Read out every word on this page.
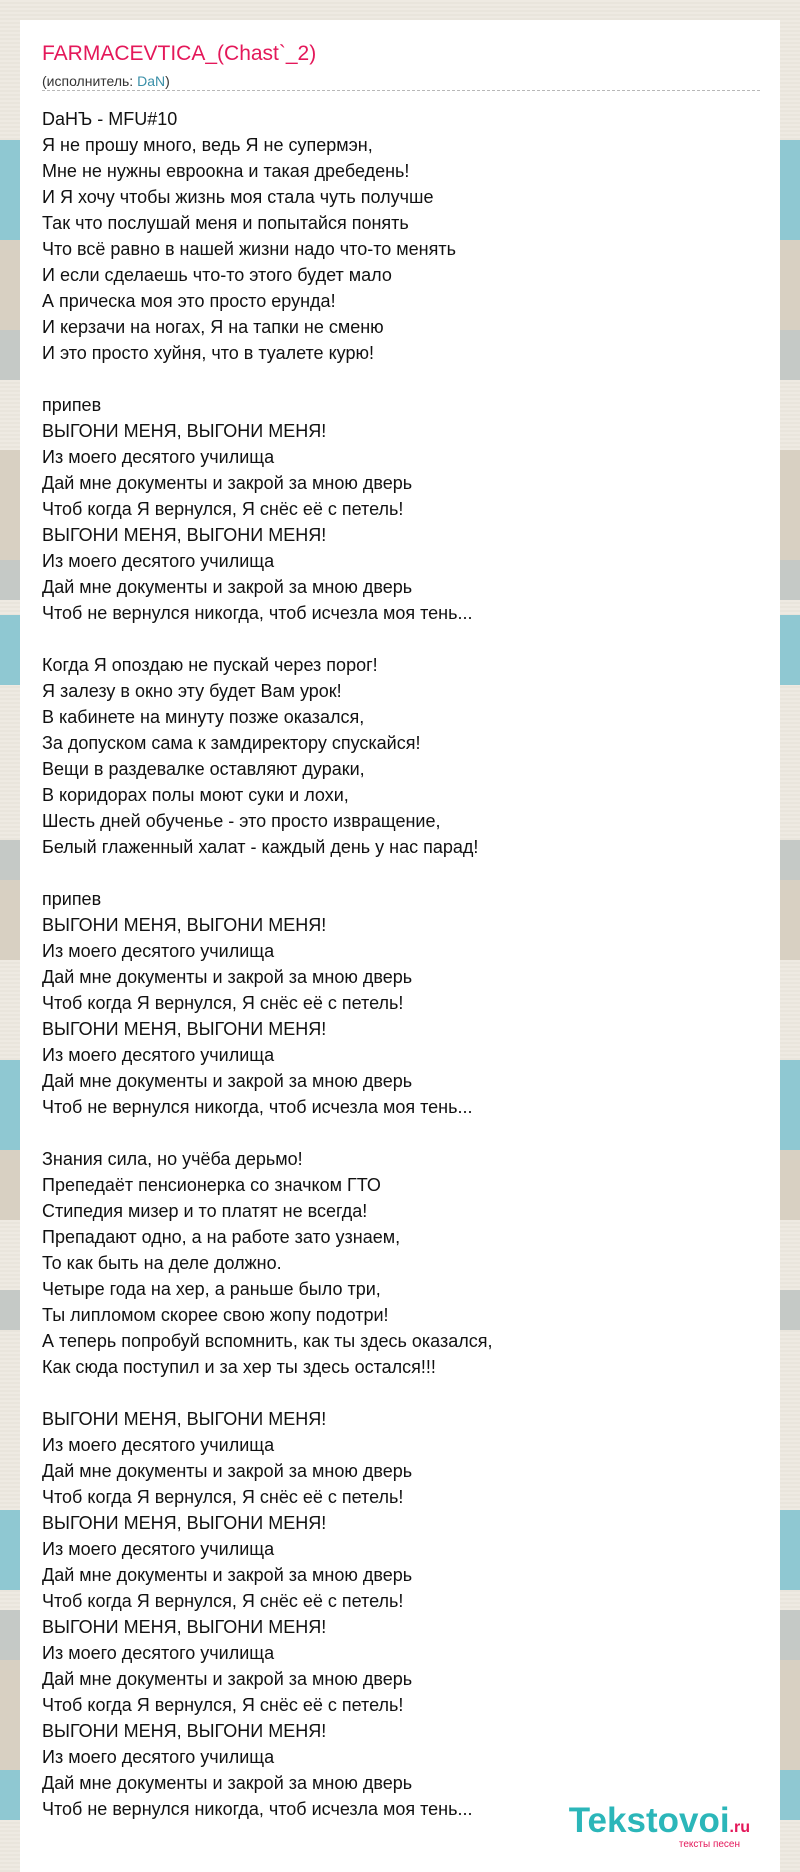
FARMACEVTICA_(Chast`_2)
(исполнитель: DaN)
DaНЪ - MFU#10
Я не прошу много, ведь Я не супермэн,
Мне не нужны евроокна и такая дребедень!
И Я хочу чтобы жизнь моя стала чуть получше
Так что послушай меня и попытайся понять
Что всё равно в нашей жизни надо что-то менять
И если сделаешь что-то этого будет мало
А прическа моя это просто ерунда!
И керзачи на ногах, Я на тапки не сменю
И это просто хуйня, что в туалете курю!
припев
ВЫГОНИ МЕНЯ, ВЫГОНИ МЕНЯ!
Из моего десятого училища
Дай мне документы и закрой за мною дверь
Чтоб когда Я вернулся, Я снёс её с петель!
ВЫГОНИ МЕНЯ, ВЫГОНИ МЕНЯ!
Из моего десятого училища
Дай мне документы и закрой за мною дверь
Чтоб не вернулся никогда, чтоб исчезла моя тень...
Когда Я опоздаю не пускай через порог!
Я залезу в окно эту будет Вам урок!
В кабинете на минуту позже оказался,
За допуском сама к замдиректору спускайся!
Вещи в раздевалке оставляют дураки,
В коридорах полы моют суки и лохи,
Шесть дней обученье - это просто извращение,
Белый глаженный халат - каждый день у нас парад!
припев
ВЫГОНИ МЕНЯ, ВЫГОНИ МЕНЯ!
Из моего десятого училища
Дай мне документы и закрой за мною дверь
Чтоб когда Я вернулся, Я снёс её с петель!
ВЫГОНИ МЕНЯ, ВЫГОНИ МЕНЯ!
Из моего десятого училища
Дай мне документы и закрой за мною дверь
Чтоб не вернулся никогда, чтоб исчезла моя тень...
Знания сила, но учёба дерьмо!
Препедаёт пенсионерка со значком ГТО
Стипедия мизер и то платят не всегда!
Препадают одно, а на работе зато узнаем,
То как быть на деле должно.
Четыре года на хер, а раньше было три,
Ты липломом скорее свою жопу подотри!
А теперь попробуй вспомнить, как ты здесь оказался,
Как сюда поступил и за хер ты здесь остался!!!
ВЫГОНИ МЕНЯ, ВЫГОНИ МЕНЯ!
Из моего десятого училища
Дай мне документы и закрой за мною дверь
Чтоб когда Я вернулся, Я снёс её с петель!
ВЫГОНИ МЕНЯ, ВЫГОНИ МЕНЯ!
Из моего десятого училища
Дай мне документы и закрой за мною дверь
Чтоб когда Я вернулся, Я снёс её с петель!
ВЫГОНИ МЕНЯ, ВЫГОНИ МЕНЯ!
Из моего десятого училища
Дай мне документы и закрой за мною дверь
Чтоб когда Я вернулся, Я снёс её с петель!
ВЫГОНИ МЕНЯ, ВЫГОНИ МЕНЯ!
Из моего десятого училища
Дай мне документы и закрой за мною дверь
Чтоб не вернулся никогда, чтоб исчезла моя тень...	Tekstovoi.ru
тексты песен
